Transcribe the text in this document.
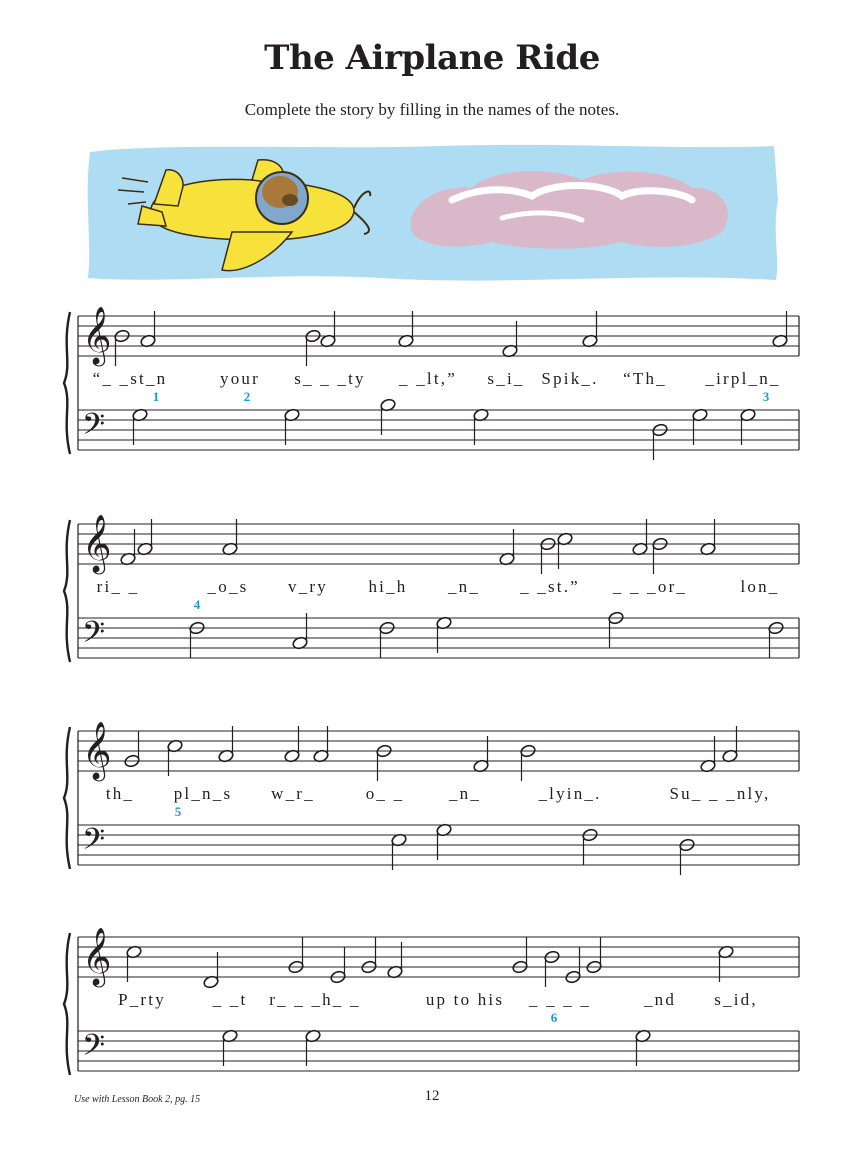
The Airplane Ride
Complete the story by filling in the names of the notes.
𝄞
𝄢
“_ _st_n	your s_ _ _ty _ _lt,” s_i_ Spik_. “Th_ _irpl_n_
1	2	3
𝄞
𝄢
ri_ _	_o_s v_ry hi_h _n_ _ _st.” _ _ _or_	lon_
4
𝄞
𝄢
th_ pl_n_s w_r_	o_ _	_n_	_lyin_.	Su_ _ _nly,
5
𝄞
𝄢
P_rty	_ _t r_ _ _h_ _	up to his _ _ _ _	_nd s_id,
6
Use with Lesson Book 2, pg. 15	12
